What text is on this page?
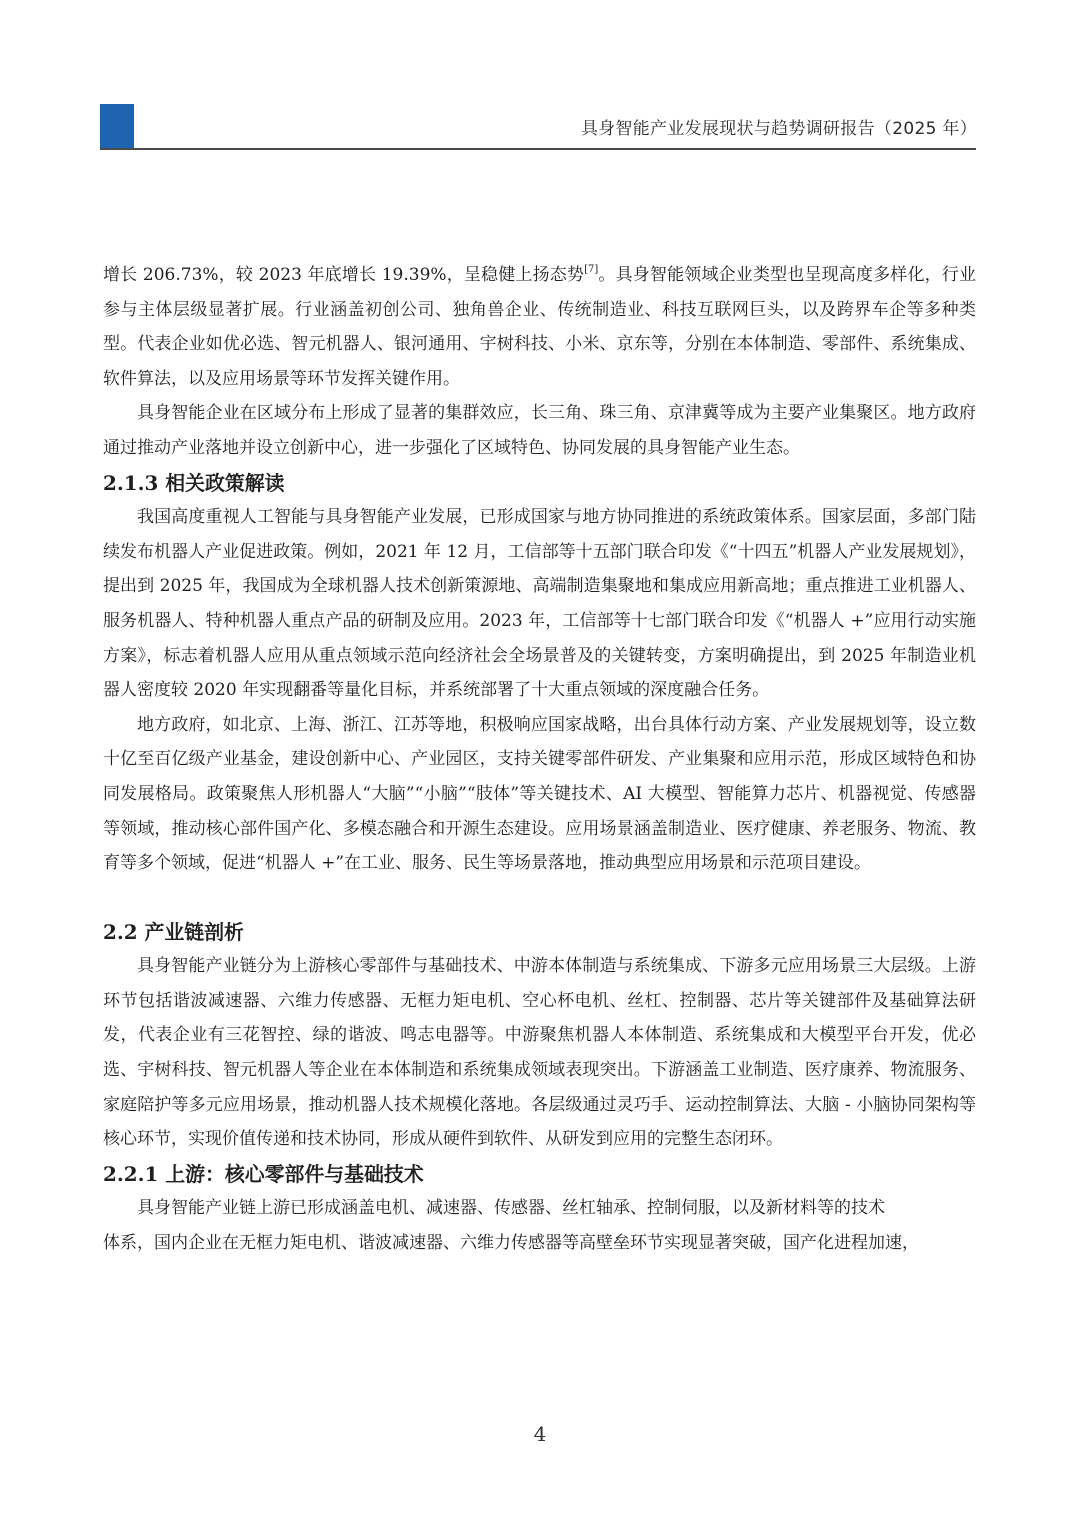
具身智能产业发展现状与趋势调研报告（2025 年）

增长 206.73%，较 2023 年底增长 19.39%，呈稳健上扬态势[7]。具身智能领域企业类型也呈现高度多样化，行业参与主体层级显著扩展。行业涵盖初创公司、独角兽企业、传统制造业、科技互联网巨头，以及跨界车企等多种类型。代表企业如优必选、智元机器人、银河通用、宇树科技、小米、京东等，分别在本体制造、零部件、系统集成、软件算法，以及应用场景等环节发挥关键作用。

具身智能企业在区域分布上形成了显著的集群效应，长三角、珠三角、京津冀等成为主要产业集聚区。地方政府通过推动产业落地并设立创新中心，进一步强化了区域特色、协同发展的具身智能产业生态。

2.1.3 相关政策解读

我国高度重视人工智能与具身智能产业发展，已形成国家与地方协同推进的系统政策体系。国家层面，多部门陆续发布机器人产业促进政策。例如，2021 年 12 月，工信部等十五部门联合印发《“十四五”机器人产业发展规划》，提出到 2025 年，我国成为全球机器人技术创新策源地、高端制造集聚地和集成应用新高地；重点推进工业机器人、服务机器人、特种机器人重点产品的研制及应用。2023 年，工信部等十七部门联合印发《“机器人 +”应用行动实施方案》，标志着机器人应用从重点领域示范向经济社会全场景普及的关键转变，方案明确提出，到 2025 年制造业机器人密度较 2020 年实现翻番等量化目标，并系统部署了十大重点领域的深度融合任务。

地方政府，如北京、上海、浙江、江苏等地，积极响应国家战略，出台具体行动方案、产业发展规划等，设立数十亿至百亿级产业基金，建设创新中心、产业园区，支持关键零部件研发、产业集聚和应用示范，形成区域特色和协同发展格局。政策聚焦人形机器人“大脑”“小脑”“肢体”等关键技术、AI 大模型、智能算力芯片、机器视觉、传感器等领域，推动核心部件国产化、多模态融合和开源生态建设。应用场景涵盖制造业、医疗健康、养老服务、物流、教育等多个领域，促进“机器人 +”在工业、服务、民生等场景落地，推动典型应用场景和示范项目建设。

2.2 产业链剖析

具身智能产业链分为上游核心零部件与基础技术、中游本体制造与系统集成、下游多元应用场景三大层级。上游环节包括谐波减速器、六维力传感器、无框力矩电机、空心杯电机、丝杠、控制器、芯片等关键部件及基础算法研发，代表企业有三花智控、绿的谐波、鸣志电器等。中游聚焦机器人本体制造、系统集成和大模型平台开发，优必选、宇树科技、智元机器人等企业在本体制造和系统集成领域表现突出。下游涵盖工业制造、医疗康养、物流服务、家庭陪护等多元应用场景，推动机器人技术规模化落地。各层级通过灵巧手、运动控制算法、大脑 - 小脑协同架构等核心环节，实现价值传递和技术协同，形成从硬件到软件、从研发到应用的完整生态闭环。

2.2.1 上游：核心零部件与基础技术

具身智能产业链上游已形成涵盖电机、减速器、传感器、丝杠轴承、控制伺服，以及新材料等的技术
体系，国内企业在无框力矩电机、谐波减速器、六维力传感器等高壁垒环节实现显著突破，国产化进程加速，

4
